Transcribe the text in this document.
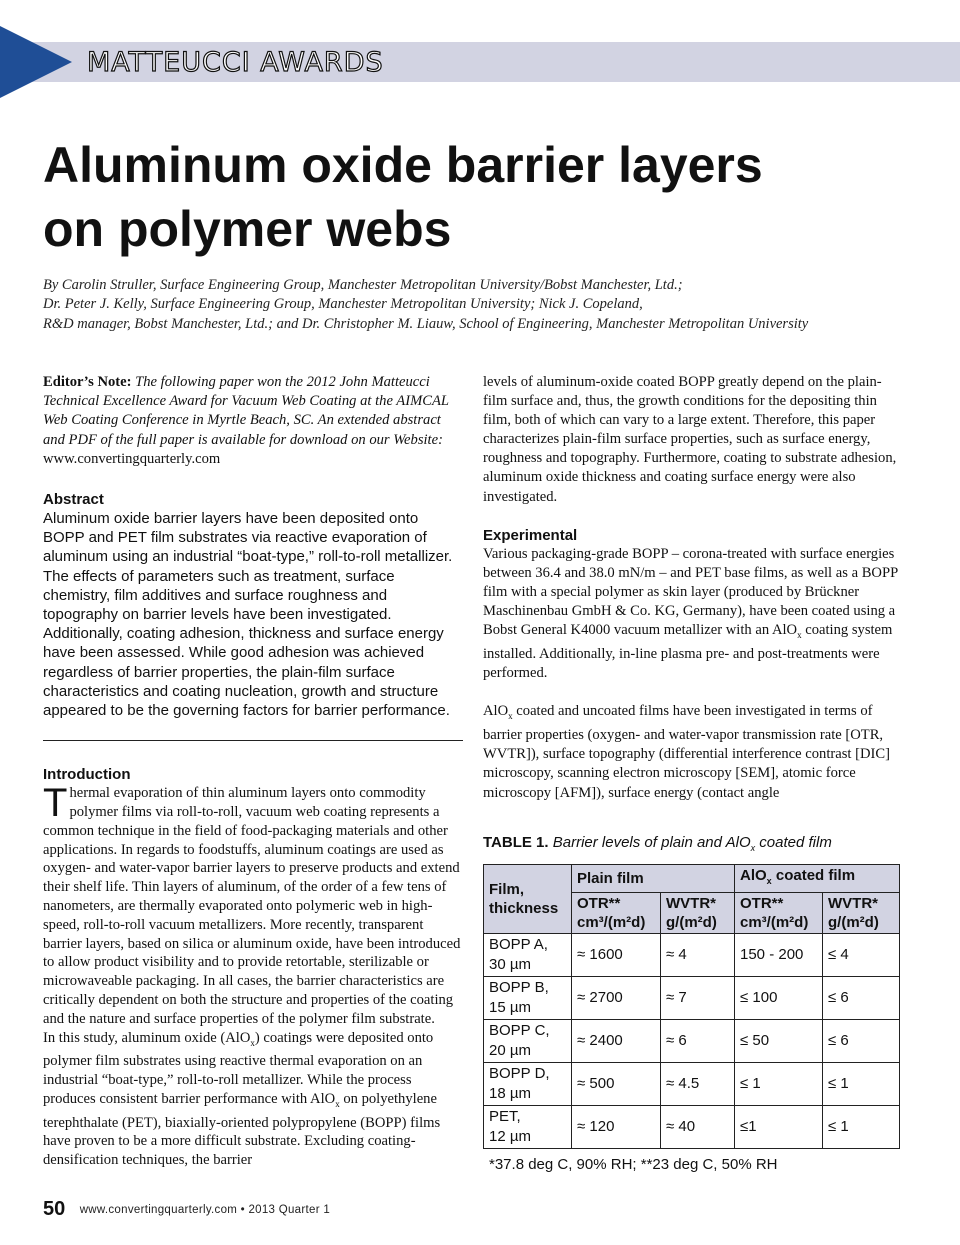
MATTEUCCI AWARDS
Aluminum oxide barrier layers
on polymer webs
By Carolin Struller, Surface Engineering Group, Manchester Metropolitan University/Bobst Manchester, Ltd.;
Dr. Peter J. Kelly, Surface Engineering Group, Manchester Metropolitan University; Nick J. Copeland,
R&D manager, Bobst Manchester, Ltd.; and Dr. Christopher M. Liauw, School of Engineering, Manchester Metropolitan University
Editor’s Note: The following paper won the 2012 John Matteucci Technical Excellence Award for Vacuum Web Coating at the AIMCAL Web Coating Conference in Myrtle Beach, SC. An extended abstract and PDF of the full paper is available for download on our Website: www.convertingquarterly.com
Abstract

Aluminum oxide barrier layers have been deposited onto BOPP and PET film substrates via reactive evaporation of aluminum using an industrial “boat-type,” roll-to-roll metallizer. The effects of parameters such as treatment, surface chemistry, film additives and surface roughness and topography on barrier levels have been investigated. Additionally, coating adhesion, thickness and surface energy have been assessed. While good adhesion was achieved regardless of barrier properties, the plain-film surface characteristics and coating nucleation, growth and structure appeared to be the governing factors for barrier performance.

Introduction

Thermal evaporation of thin aluminum layers onto commodity polymer films via roll-to-roll, vacuum web coating represents a common technique in the field of food-packaging materials and other applications. In regards to foodstuffs, aluminum coatings are used as oxygen- and water-vapor barrier layers to preserve products and extend their shelf life. Thin layers of aluminum, of the order of a few tens of nanometers, are thermally evaporated onto polymeric web in high-speed, roll-to-roll vacuum metallizers. More recently, transparent barrier layers, based on silica or aluminum oxide, have been introduced to allow product visibility and to provide retortable, sterilizable or microwaveable packaging. In all cases, the barrier characteristics are critically dependent on both the structure and properties of the coating and the nature and surface properties of the polymer film substrate.

In this study, aluminum oxide (AlO$_x$) coatings were deposited onto polymer film substrates using reactive thermal evaporation on an industrial “boat-type,” roll-to-roll metallizer. While the process produces consistent barrier performance with AlO$_x$ on polyethylene terephthalate (PET), biaxially-oriented polypropylene (BOPP) films have proven to be a more difficult substrate. Excluding coating-densification techniques, the barrier

levels of aluminum-oxide coated BOPP greatly depend on the plain-film surface and, thus, the growth conditions for the depositing thin film, both of which can vary to a large extent. Therefore, this paper characterizes plain-film surface properties, such as surface energy, roughness and topography. Furthermore, coating to substrate adhesion, aluminum oxide thickness and coating surface energy were also investigated.

Experimental

Various packaging-grade BOPP – corona-treated with surface energies between 36.4 and 38.0 mN/m – and PET base films, as well as a BOPP film with a special polymer as skin layer (produced by Brückner Maschinenbau GmbH & Co. KG, Germany), have been coated using a Bobst General K4000 vacuum metallizer with an AlO$_x$ coating system installed. Additionally, in-line plasma pre- and post-treatments were performed.

AlO$_x$ coated and uncoated films have been investigated in terms of barrier properties (oxygen- and water-vapor transmission rate [OTR, WVTR]), surface topography (differential interference contrast [DIC] microscopy, scanning electron microscopy [SEM], atomic force microscopy [AFM]), surface energy (contact angle

TABLE 1. Barrier levels of plain and AlO$_x$ coated film
Film, thickness	Plain film		AlO$_x$ coated film	
	OTR**
cm³/(m²d)	WVTR*
g/(m²d)	OTR**
cm³/(m²d)	WVTR*
g/(m²d)
BOPP A,
30 µm	≈ 1600	≈ 4	150 - 200	≤ 4
BOPP B,
15 µm	≈ 2700	≈ 7	≤ 100	≤ 6
BOPP C,
20 µm	≈ 2400	≈ 6	≤ 50	≤ 6
BOPP D,
18 µm	≈ 500	≈ 4.5	≤ 1	≤ 1
PET,
12 µm	≈ 120	≈ 40	≤1	≤ 1
*37.8 deg C, 90% RH; **23 deg C, 50% RH
50 www.convertingquarterly.com • 2013 Quarter 1
